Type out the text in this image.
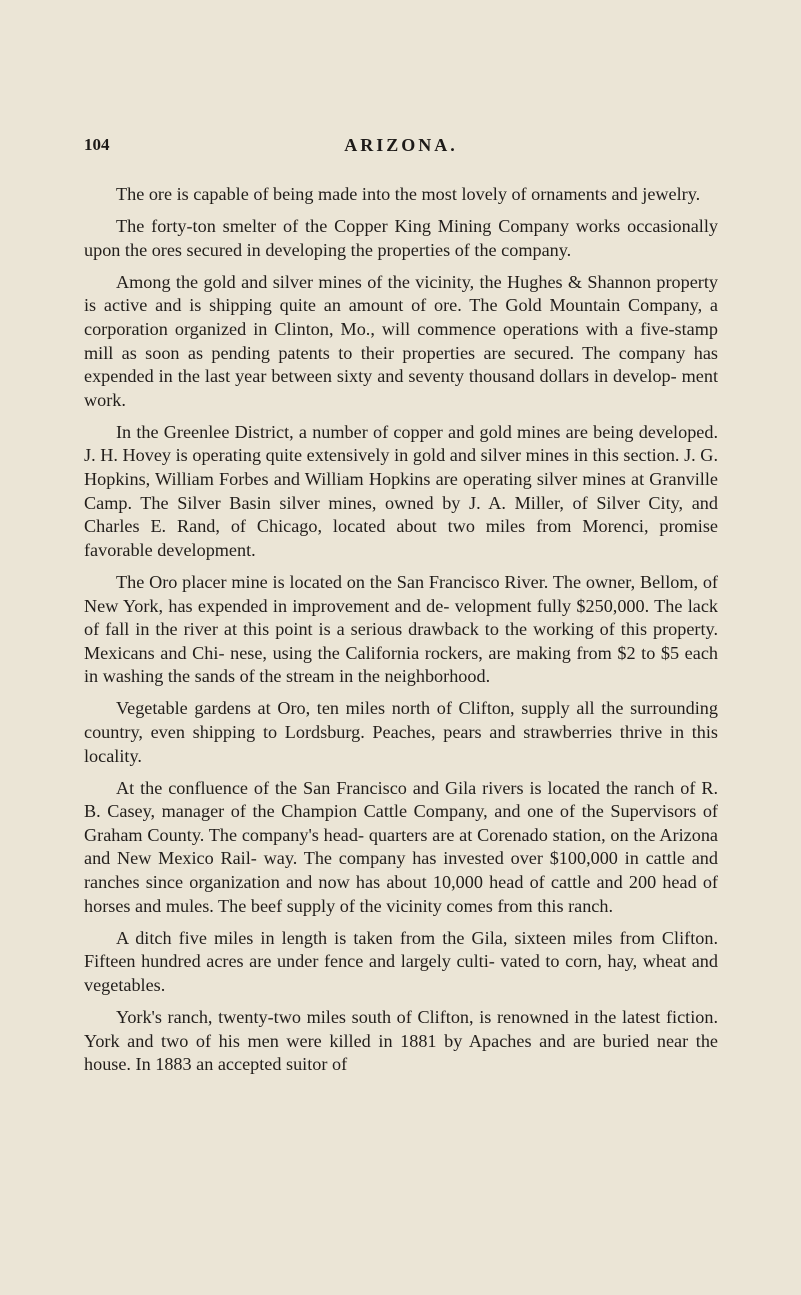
104	ARIZONA.

The ore is capable of being made into the most lovely of ornaments and jewelry.

The forty-ton smelter of the Copper King Mining Company works occasionally upon the ores secured in developing the properties of the company.

Among the gold and silver mines of the vicinity, the Hughes & Shannon property is active and is shipping quite an amount of ore. The Gold Mountain Company, a corporation organized in Clinton, Mo., will commence operations with a five-stamp mill as soon as pending patents to their properties are secured. The company has expended in the last year between sixty and seventy thousand dollars in develop- ment work.

In the Greenlee District, a number of copper and gold mines are being developed. J. H. Hovey is operating quite extensively in gold and silver mines in this section. J. G. Hopkins, William Forbes and William Hopkins are operating silver mines at Granville Camp. The Silver Basin silver mines, owned by J. A. Miller, of Silver City, and Charles E. Rand, of Chicago, located about two miles from Morenci, promise favorable development.

The Oro placer mine is located on the San Francisco River. The owner, Bellom, of New York, has expended in improvement and de- velopment fully $250,000. The lack of fall in the river at this point is a serious drawback to the working of this property. Mexicans and Chi- nese, using the California rockers, are making from $2 to $5 each in washing the sands of the stream in the neighborhood.

Vegetable gardens at Oro, ten miles north of Clifton, supply all the surrounding country, even shipping to Lordsburg. Peaches, pears and strawberries thrive in this locality.

At the confluence of the San Francisco and Gila rivers is located the ranch of R. B. Casey, manager of the Champion Cattle Company, and one of the Supervisors of Graham County. The company's head- quarters are at Corenado station, on the Arizona and New Mexico Rail- way. The company has invested over $100,000 in cattle and ranches since organization and now has about 10,000 head of cattle and 200 head of horses and mules. The beef supply of the vicinity comes from this ranch.

A ditch five miles in length is taken from the Gila, sixteen miles from Clifton. Fifteen hundred acres are under fence and largely culti- vated to corn, hay, wheat and vegetables.

York's ranch, twenty-two miles south of Clifton, is renowned in the latest fiction. York and two of his men were killed in 1881 by Apaches and are buried near the house. In 1883 an accepted suitor of
